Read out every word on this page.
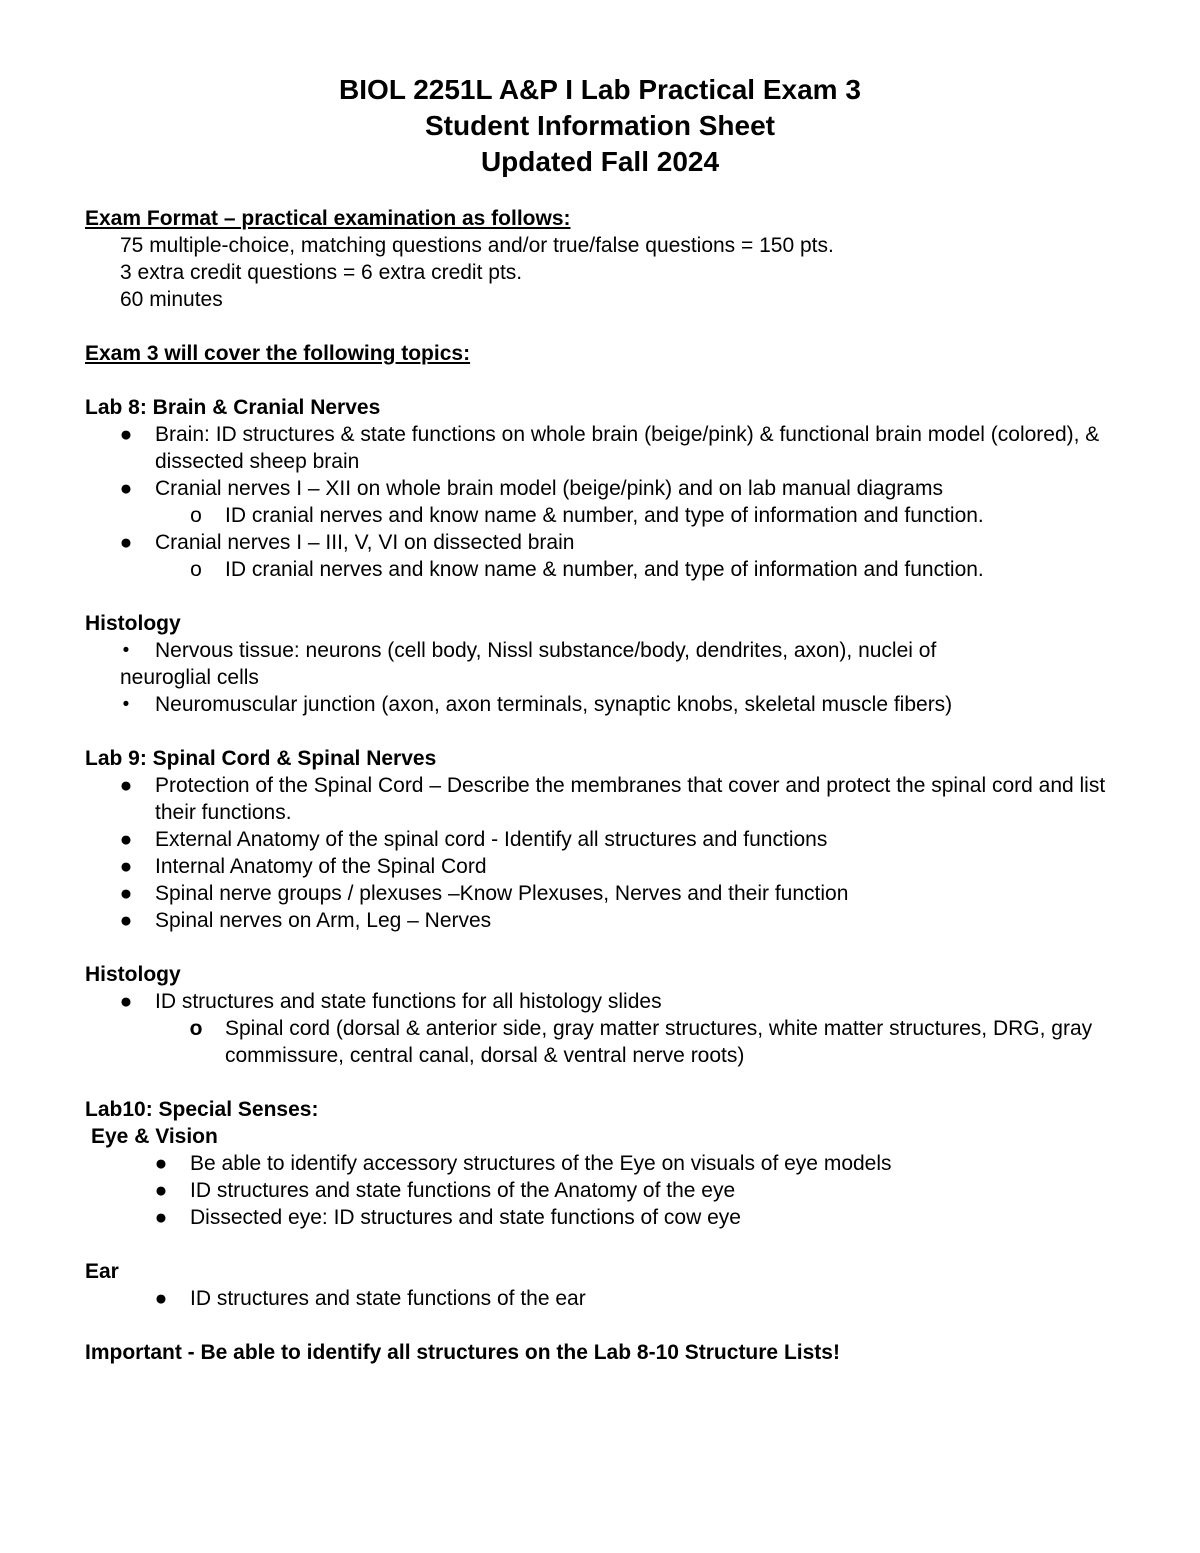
BIOL 2251L A&P I Lab Practical Exam 3
Student Information Sheet
Updated Fall 2024
Exam Format – practical examination as follows:
75 multiple-choice, matching questions and/or true/false questions = 150 pts.
3 extra credit questions = 6 extra credit pts.
60 minutes
Exam 3 will cover the following topics:
Lab 8: Brain & Cranial Nerves
● Brain: ID structures & state functions on whole brain (beige/pink) & functional brain model (colored), & dissected sheep brain
● Cranial nerves I – XII on whole brain model (beige/pink) and on lab manual diagrams
o ID cranial nerves and know name & number, and type of information and function.
● Cranial nerves I – III, V, VI on dissected brain
o ID cranial nerves and know name & number, and type of information and function.
Histology
• Nervous tissue: neurons (cell body, Nissl substance/body, dendrites, axon), nuclei of
neuroglial cells
• Neuromuscular junction (axon, axon terminals, synaptic knobs, skeletal muscle fibers)
Lab 9: Spinal Cord & Spinal Nerves
● Protection of the Spinal Cord – Describe the membranes that cover and protect the spinal cord and list their functions.
● External Anatomy of the spinal cord - Identify all structures and functions
● Internal Anatomy of the Spinal Cord
● Spinal nerve groups / plexuses –Know Plexuses, Nerves and their function
● Spinal nerves on Arm, Leg – Nerves
Histology
● ID structures and state functions for all histology slides
o Spinal cord (dorsal & anterior side, gray matter structures, white matter structures, DRG, gray commissure, central canal, dorsal & ventral nerve roots)
Lab10: Special Senses:
Eye & Vision
● Be able to identify accessory structures of the Eye on visuals of eye models
● ID structures and state functions of the Anatomy of the eye
● Dissected eye: ID structures and state functions of cow eye
Ear
● ID structures and state functions of the ear
Important - Be able to identify all structures on the Lab 8-10 Structure Lists!
